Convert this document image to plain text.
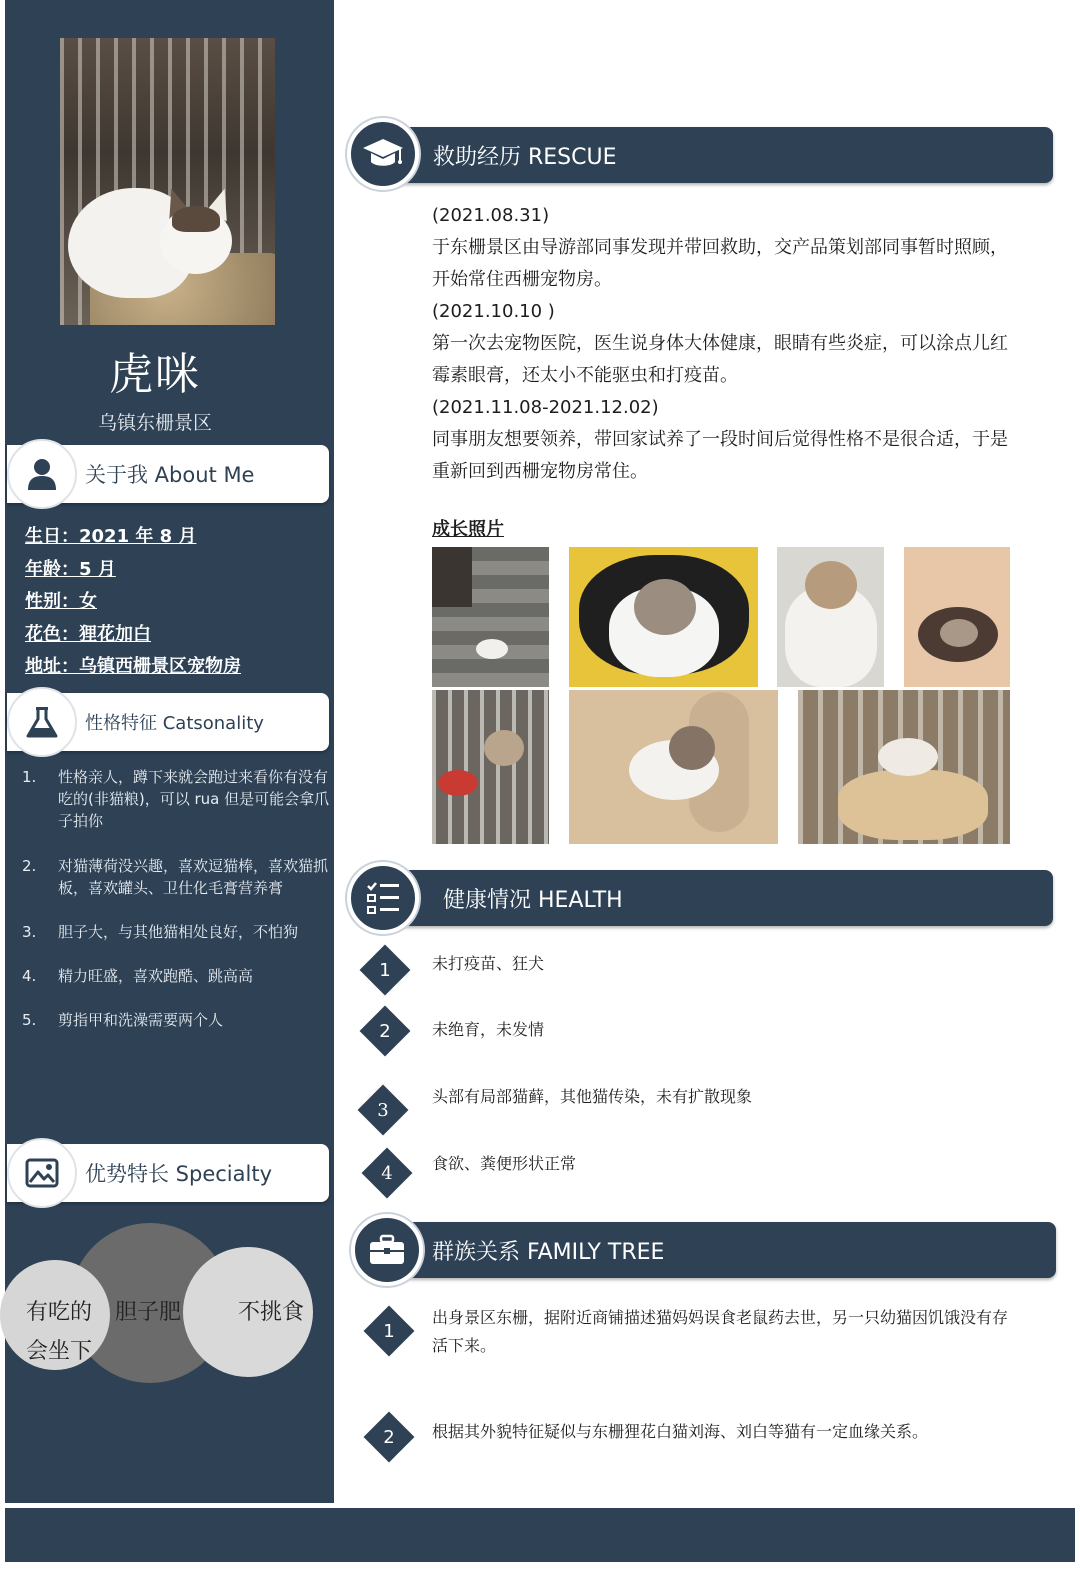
虎咪
乌镇东栅景区
关于我 About Me
生日：2021 年 8 月
年龄：5 月
性别：女
花色：狸花加白
地址：乌镇西栅景区宠物房
性格特征 Catsonality
1. 性格亲人，蹲下来就会跑过来看你有没有吃的(非猫粮)，可以 rua 但是可能会拿爪子拍你
2. 对猫薄荷没兴趣，喜欢逗猫棒，喜欢猫抓板，喜欢罐头、卫仕化毛膏营养膏
3. 胆子大，与其他猫相处良好，不怕狗
4. 精力旺盛，喜欢跑酷、跳高高
5. 剪指甲和洗澡需要两个人
优势特长 Specialty
有吃的
会坐下
胆子肥	不挑食
救助经历 RESCUE
(2021.08.31)
于东栅景区由导游部同事发现并带回救助，交产品策划部同事暂时照顾，
开始常住西栅宠物房。
(2021.10.10 )
第一次去宠物医院，医生说身体大体健康，眼睛有些炎症，可以涂点儿红
霉素眼膏，还太小不能驱虫和打疫苗。
(2021.11.08-2021.12.02)
同事朋友想要领养，带回家试养了一段时间后觉得性格不是很合适，于是
重新回到西栅宠物房常住。
成长照片
健康情况 HEALTH
1	未打疫苗、狂犬
2	未绝育，未发情
3
头部有局部猫藓，其他猫传染，未有扩散现象
4	食欲、粪便形状正常
群族关系 FAMILY TREE
1
出身景区东栅，据附近商铺描述猫妈妈误食老鼠药去世，另一只幼猫因饥饿没有存
活下来。
2	根据其外貌特征疑似与东栅狸花白猫刘海、刘白等猫有一定血缘关系。
